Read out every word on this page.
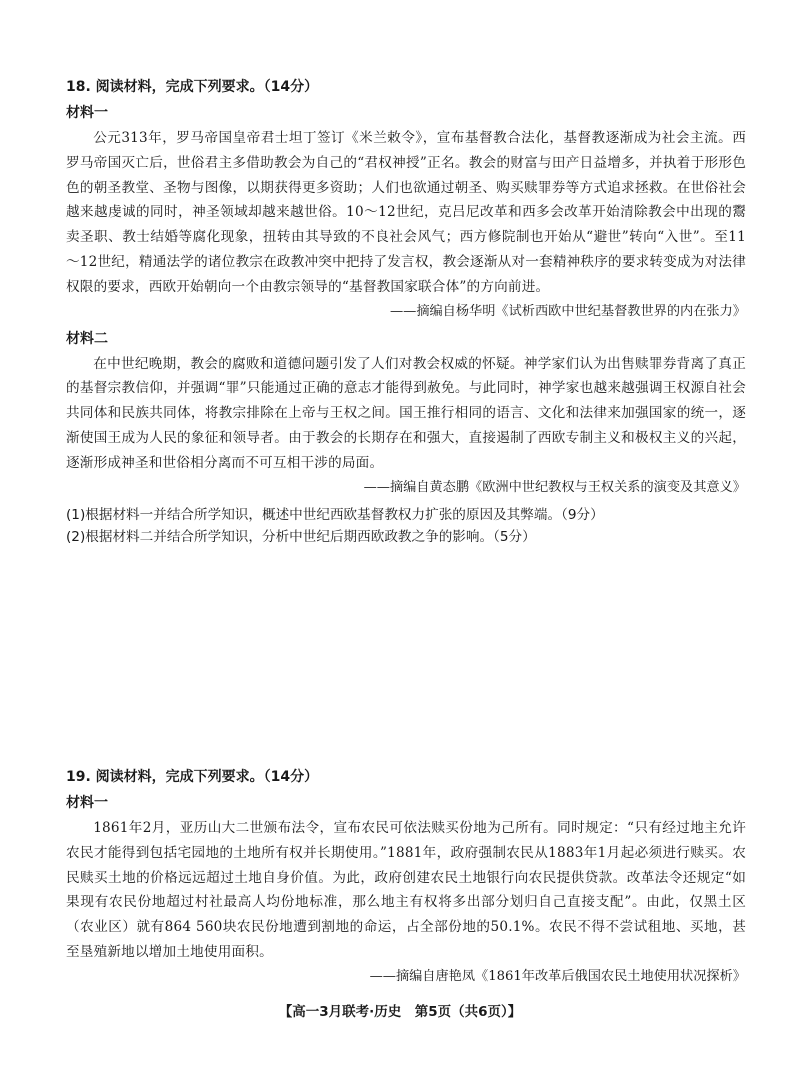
18. 阅读材料，完成下列要求。（14分）

材料一

公元313年，罗马帝国皇帝君士坦丁签订《米兰敕令》，宣布基督教合法化，基督教逐渐成为社会主流。西罗马帝国灭亡后，世俗君主多借助教会为自己的“君权神授”正名。教会的财富与田产日益增多，并执着于形形色色的朝圣教堂、圣物与图像，以期获得更多资助；人们也欲通过朝圣、购买赎罪券等方式追求拯救。在世俗社会越来越虔诚的同时，神圣领域却越来越世俗。10～12世纪，克吕尼改革和西多会改革开始清除教会中出现的鬻卖圣职、教士结婚等腐化现象，扭转由其导致的不良社会风气；西方修院制也开始从“避世”转向“入世”。至11～12世纪，精通法学的诸位教宗在政教冲突中把持了发言权，教会逐渐从对一套精神秩序的要求转变成为对法律权限的要求，西欧开始朝向一个由教宗领导的“基督教国家联合体”的方向前进。

——摘编自杨华明《试析西欧中世纪基督教世界的内在张力》

材料二

在中世纪晚期，教会的腐败和道德问题引发了人们对教会权威的怀疑。神学家们认为出售赎罪券背离了真正的基督宗教信仰，并强调“罪”只能通过正确的意志才能得到赦免。与此同时，神学家也越来越强调王权源自社会共同体和民族共同体，将教宗排除在上帝与王权之间。国王推行相同的语言、文化和法律来加强国家的统一，逐渐使国王成为人民的象征和领导者。由于教会的长期存在和强大，直接遏制了西欧专制主义和极权主义的兴起，逐渐形成神圣和世俗相分离而不可互相干涉的局面。

——摘编自黄态鹏《欧洲中世纪教权与王权关系的演变及其意义》

(1)根据材料一并结合所学知识，概述中世纪西欧基督教权力扩张的原因及其弊端。（9分）

(2)根据材料二并结合所学知识，分析中世纪后期西欧政教之争的影响。（5分）

19. 阅读材料，完成下列要求。（14分）

材料一

1861年2月，亚历山大二世颁布法令，宣布农民可依法赎买份地为己所有。同时规定：“只有经过地主允许农民才能得到包括宅园地的土地所有权并长期使用。”1881年，政府强制农民从1883年1月起必须进行赎买。农民赎买土地的价格远远超过土地自身价值。为此，政府创建农民土地银行向农民提供贷款。改革法令还规定“如果现有农民份地超过村社最高人均份地标准，那么地主有权将多出部分划归自己直接支配”。由此，仅黑土区（农业区）就有864 560块农民份地遭到割地的命运，占全部份地的50.1%。农民不得不尝试租地、买地，甚至垦殖新地以增加土地使用面积。

——摘编自唐艳凤《1861年改革后俄国农民土地使用状况探析》

【高一3月联考·历史　第5页（共6页）】
